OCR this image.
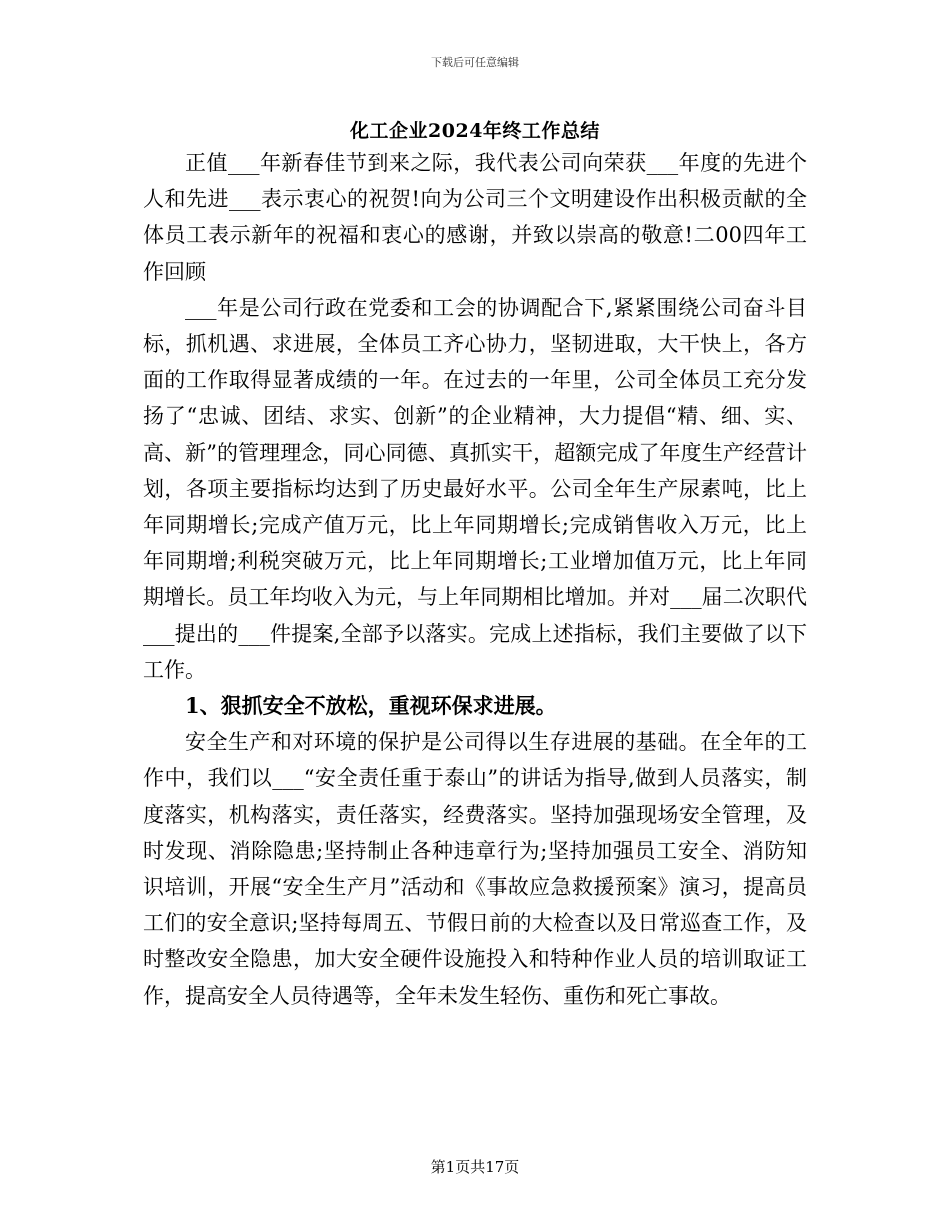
下载后可任意编辑
化工企业2024年终工作总结

正值___年新春佳节到来之际，我代表公司向荣获___年度的先进个人和先进___表示衷心的祝贺!向为公司三个文明建设作出积极贡献的全体员工表示新年的祝福和衷心的感谢，并致以崇高的敬意!二00四年工作回顾

___年是公司行政在党委和工会的协调配合下,紧紧围绕公司奋斗目标，抓机遇、求进展，全体员工齐心协力，坚韧进取，大干快上，各方面的工作取得显著成绩的一年。在过去的一年里，公司全体员工充分发扬了“忠诚、团结、求实、创新”的企业精神，大力提倡“精、细、实、高、新”的管理理念，同心同德、真抓实干，超额完成了年度生产经营计划，各项主要指标均达到了历史最好水平。公司全年生产尿素吨，比上年同期增长;完成产值万元，比上年同期增长;完成销售收入万元，比上年同期增;利税突破万元，比上年同期增长;工业增加值万元，比上年同期增长。员工年均收入为元，与上年同期相比增加。并对___届二次职代___提出的___件提案,全部予以落实。完成上述指标，我们主要做了以下工作。

1、狠抓安全不放松，重视环保求进展。

安全生产和对环境的保护是公司得以生存进展的基础。在全年的工作中，我们以___“安全责任重于泰山”的讲话为指导,做到人员落实，制度落实，机构落实，责任落实，经费落实。坚持加强现场安全管理，及时发现、消除隐患;坚持制止各种违章行为;坚持加强员工安全、消防知识培训，开展“安全生产月”活动和《事故应急救援预案》演习，提高员工们的安全意识;坚持每周五、节假日前的大检查以及日常巡查工作，及时整改安全隐患，加大安全硬件设施投入和特种作业人员的培训取证工作，提高安全人员待遇等，全年未发生轻伤、重伤和死亡事故。

第1页共17页
